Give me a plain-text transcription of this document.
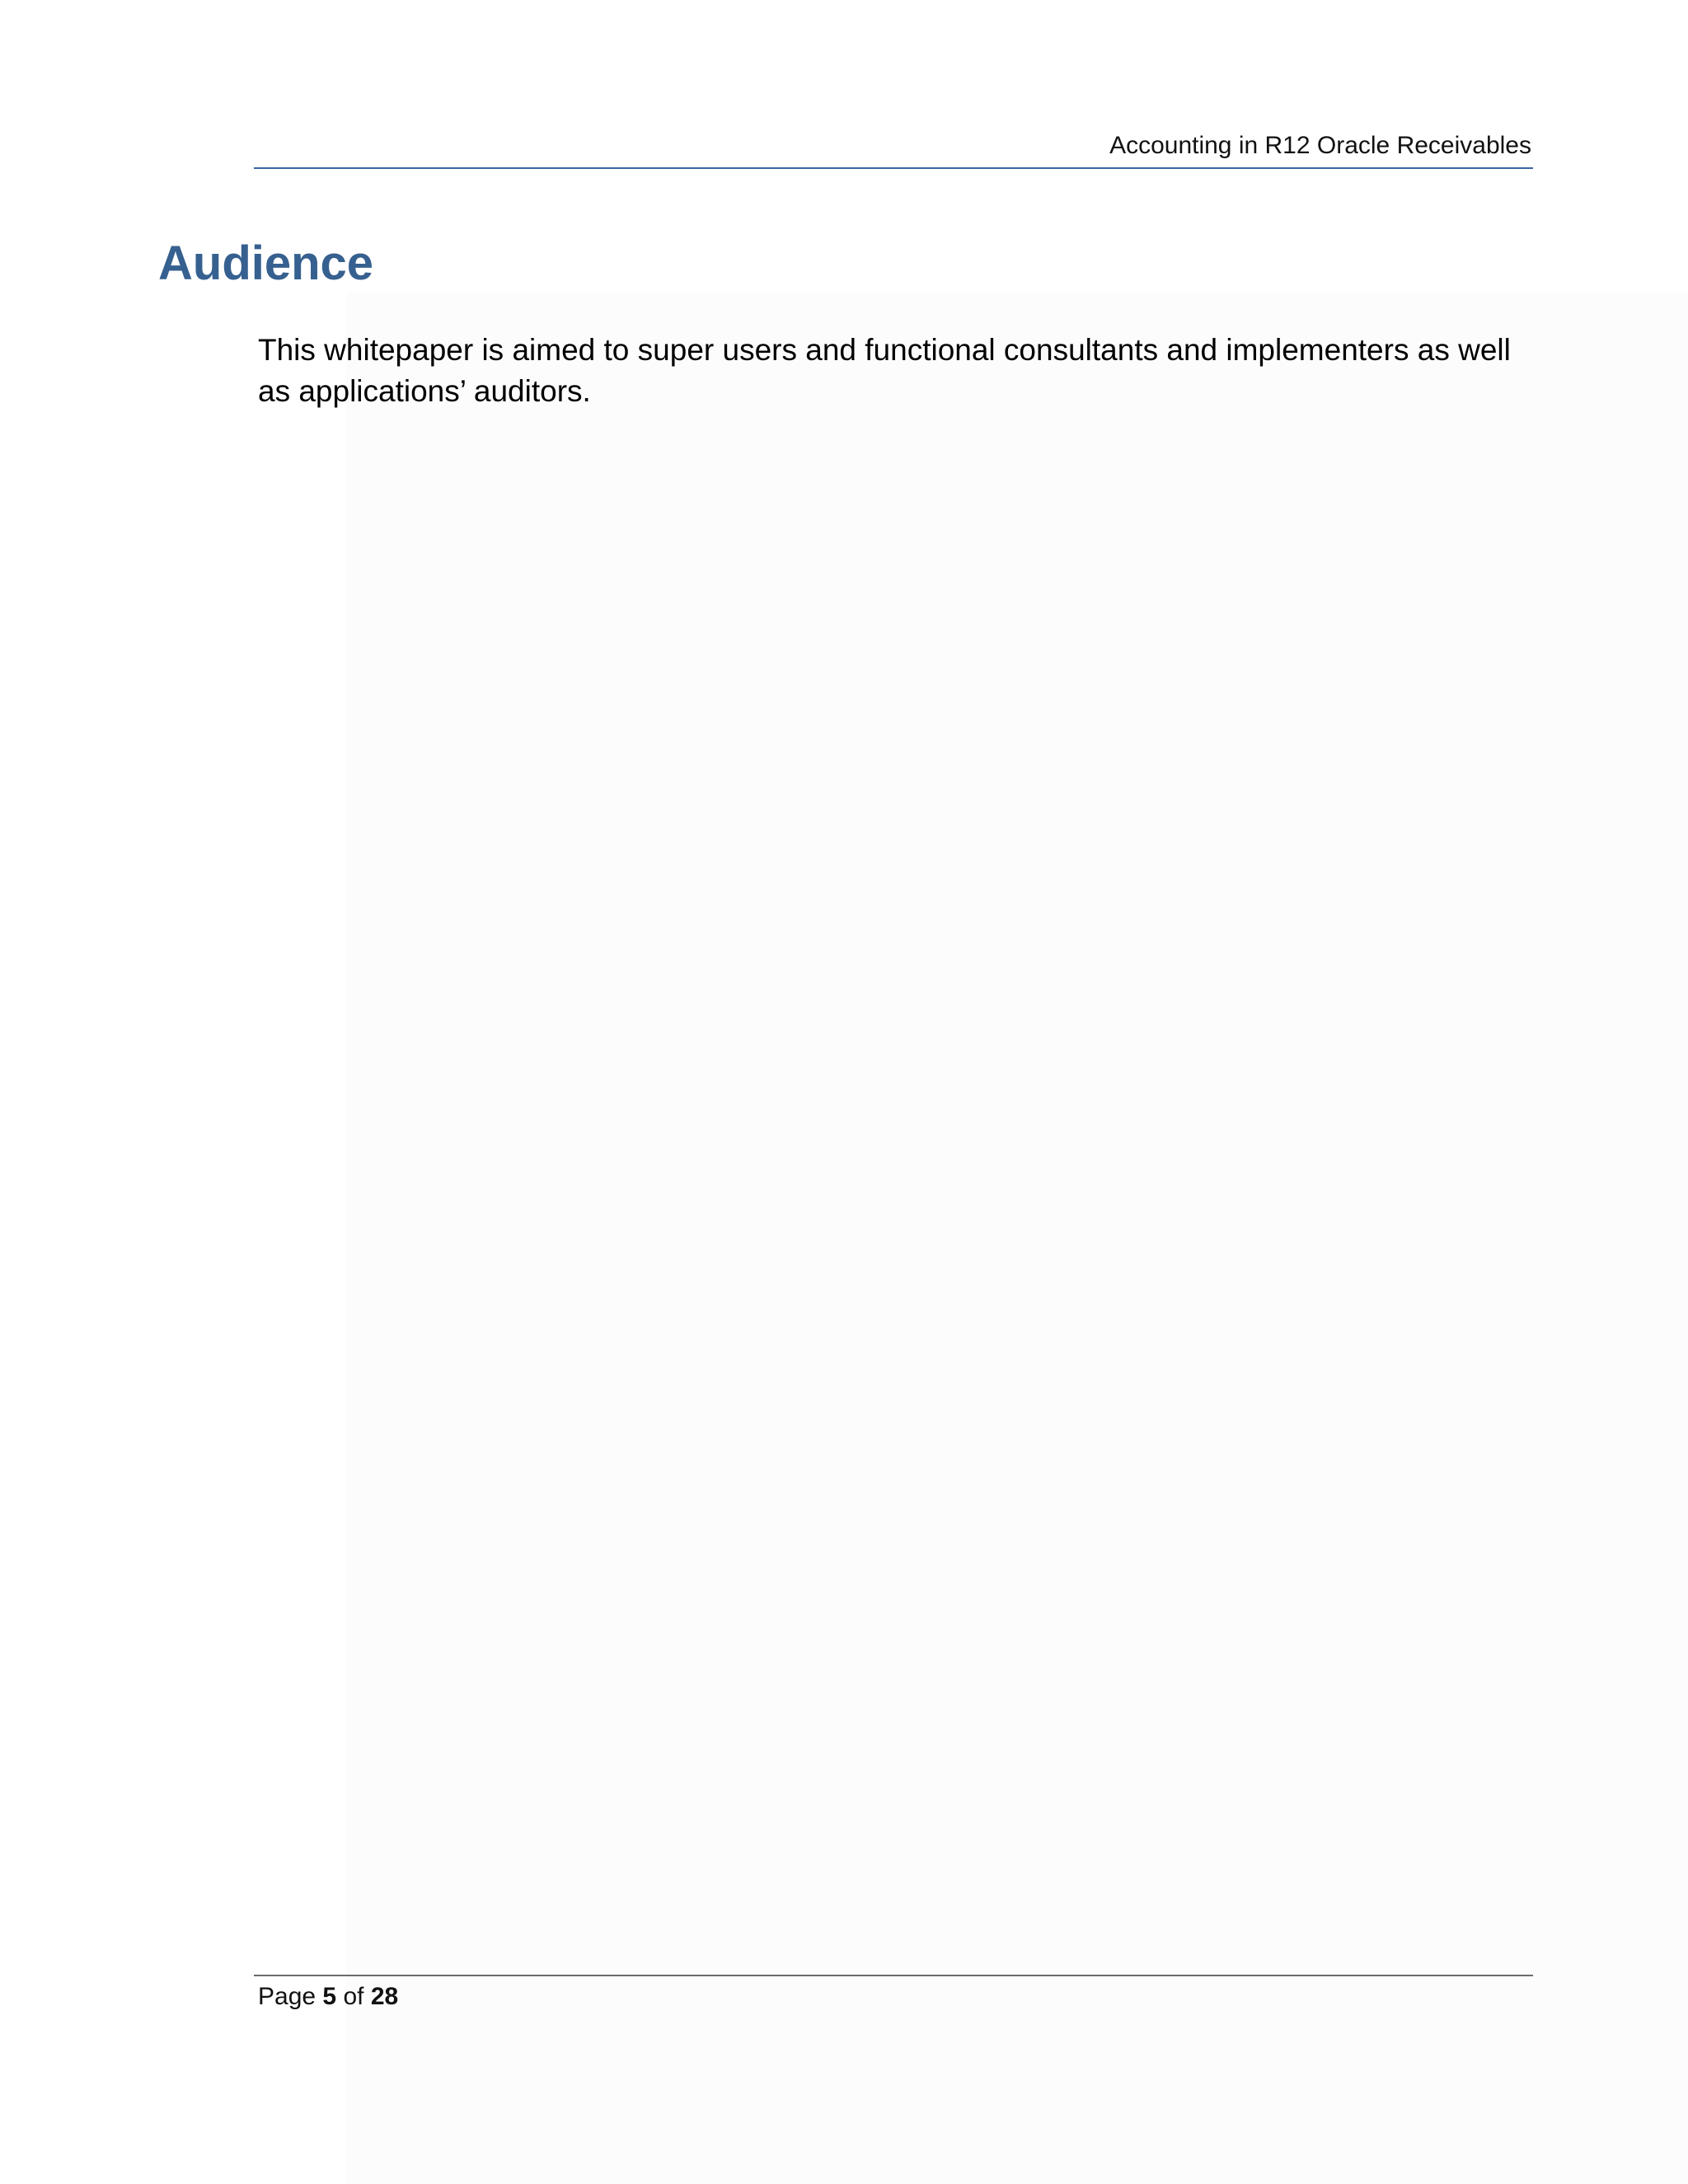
Accounting in R12 Oracle Receivables
Audience
This whitepaper is aimed to super users and functional consultants and implementers as well as applications’ auditors.
Page 5 of 28
